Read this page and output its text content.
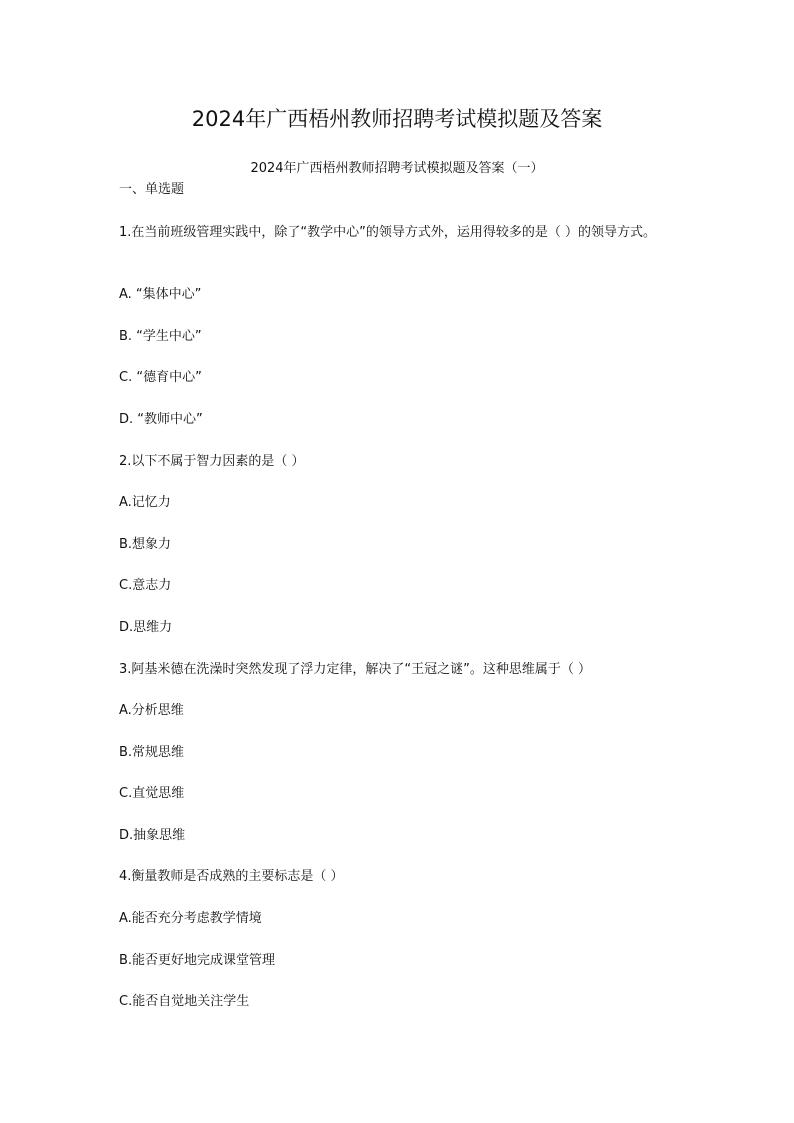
2024年广西梧州教师招聘考试模拟题及答案
2024年广西梧州教师招聘考试模拟题及答案（一）
一、单选题
1.在当前班级管理实践中，除了“教学中心”的领导方式外，运用得较多的是（ ）的领导方式。
A. “集体中心”
B. “学生中心”
C. “德育中心”
D. “教师中心”
2.以下不属于智力因素的是（ ）
A.记忆力
B.想象力
C.意志力
D.思维力
3.阿基米德在洗澡时突然发现了浮力定律，解决了“王冠之谜”。这种思维属于（ ）
A.分析思维
B.常规思维
C.直觉思维
D.抽象思维
4.衡量教师是否成熟的主要标志是（ ）
A.能否充分考虑教学情境
B.能否更好地完成课堂管理
C.能否自觉地关注学生
